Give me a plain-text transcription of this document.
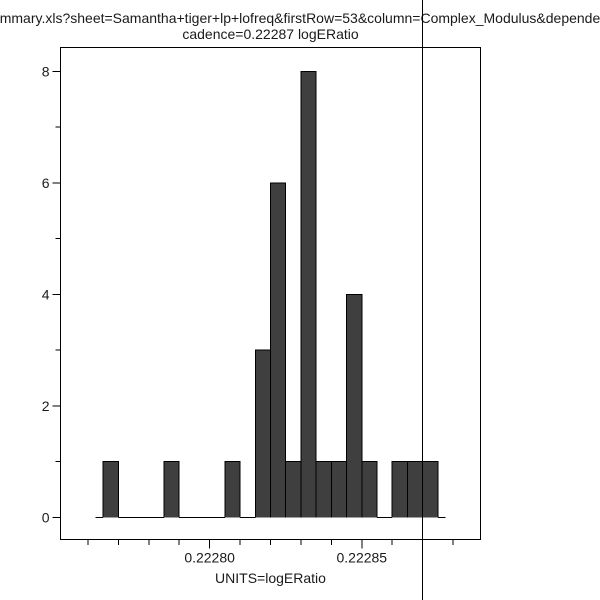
mmary.xls?sheet=Samantha+tiger+lp+lofreq&firstRow=53&column=Complex_Modulus&depende
cadence=0.22287 logERatio
UNITS=logERatio
0.22280	0.22285
0
2
4
6
8
